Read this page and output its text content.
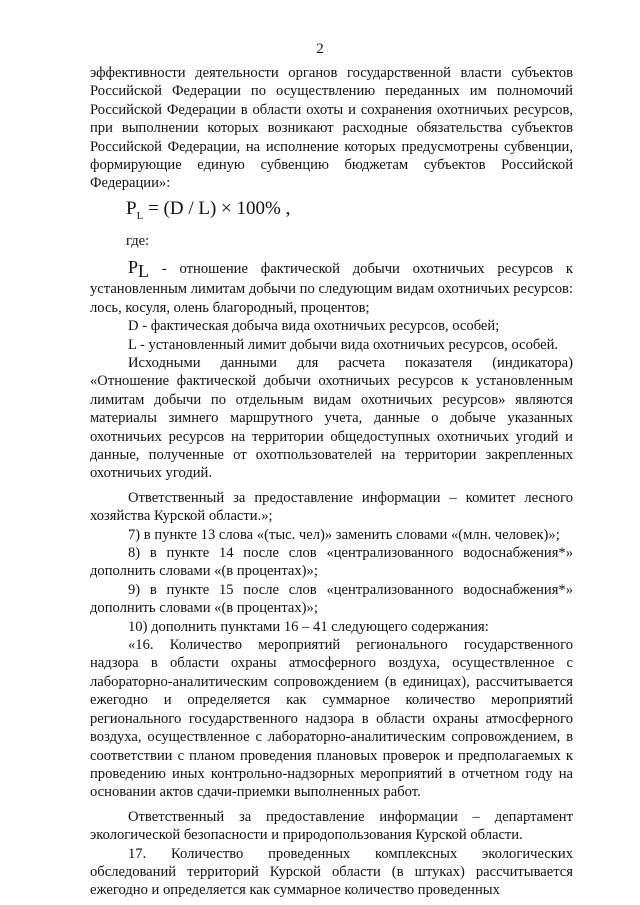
2

эффективности деятельности органов государственной власти субъектов Российской Федерации по осуществлению переданных им полномочий Российской Федерации в области охоты и сохранения охотничьих ресурсов, при выполнении которых возникают расходные обязательства субъектов Российской Федерации, на исполнение которых предусмотрены субвенции, формирующие единую субвенцию бюджетам субъектов Российской Федерации»:

$P_L = (D / L) \times 100\%$ ,

где:

$P_L$ - отношение фактической добычи охотничьих ресурсов к установленным лимитам добычи по следующим видам охотничьих ресурсов: лось, косуля, олень благородный, процентов;

D - фактическая добыча вида охотничьих ресурсов, особей;

L - установленный лимит добычи вида охотничьих ресурсов, особей.

Исходными данными для расчета показателя (индикатора) «Отношение фактической добычи охотничьих ресурсов к установленным лимитам добычи по отдельным видам охотничьих ресурсов» являются материалы зимнего маршрутного учета, данные о добыче указанных охотничьих ресурсов на территории общедоступных охотничьих угодий и данные, полученные от охотпользователей на территории закрепленных охотничьих угодий.

Ответственный за предоставление информации – комитет лесного хозяйства Курской области.»;

7) в пункте 13 слова «(тыс. чел)» заменить словами «(млн. человек)»;

8) в пункте 14 после слов «централизованного водоснабжения*» дополнить словами «(в процентах)»;

9) в пункте 15 после слов «централизованного водоснабжения*» дополнить словами «(в процентах)»;

10) дополнить пунктами 16 – 41 следующего содержания:

«16. Количество мероприятий регионального государственного надзора в области охраны атмосферного воздуха, осуществленное с лабораторно-аналитическим сопровождением (в единицах), рассчитывается ежегодно и определяется как суммарное количество мероприятий регионального государственного надзора в области охраны атмосферного воздуха, осуществленное с лабораторно-аналитическим сопровождением, в соответствии с планом проведения плановых проверок и предполагаемых к проведению иных контрольно-надзорных мероприятий в отчетном году на основании актов сдачи-приемки выполненных работ.

Ответственный за предоставление информации – департамент экологической безопасности и природопользования Курской области.

17. Количество проведенных комплексных экологических обследований территорий Курской области (в штуках) рассчитывается ежегодно и определяется как суммарное количество проведенных
